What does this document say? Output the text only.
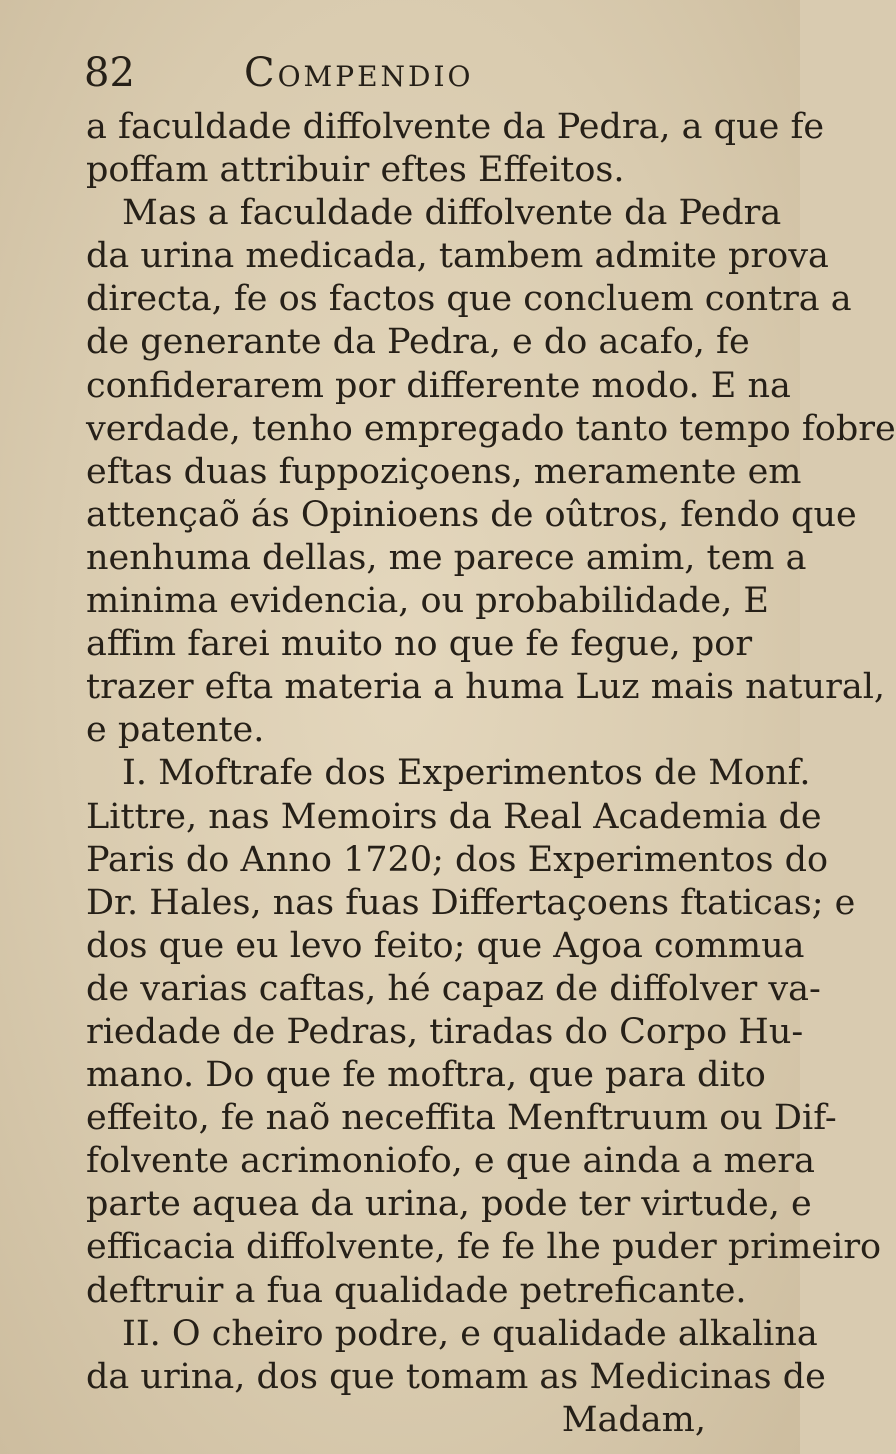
82	Compendio
a faculdade diffolvente da Pedra, a que fe
poffam attribuir eftes Effeitos.
Mas a faculdade diffolvente da Pedra
da urina medicada, tambem admite prova
directa, fe os factos que concluem contra a
de generante da Pedra, e do acafo, fe
confiderarem por differente modo. E na
verdade, tenho empregado tanto tempo fobre
eftas duas fuppoziçoens, meramente em
attençaõ ás Opinioens de oûtros, fendo que
nenhuma dellas, me parece amim, tem a
minima evidencia, ou probabilidade, E
affim farei muito no que fe fegue, por
trazer efta materia a huma Luz mais natural,
e patente.
I. Moftrafe dos Experimentos de Monf.
Littre, nas Memoirs da Real Academia de
Paris do Anno 1720; dos Experimentos do
Dr. Hales, nas fuas Differtaçoens ftaticas; e
dos que eu levo feito; que Agoa commua
de varias caftas, hé capaz de diffolver va-
riedade de Pedras, tiradas do Corpo Hu-
mano. Do que fe moftra, que para dito
effeito, fe naõ neceffita Menftruum ou Dif-
folvente acrimoniofo, e que ainda a mera
parte aquea da urina, pode ter virtude, e
efficacia diffolvente, fe fe lhe puder primeiro
deftruir a fua qualidade petreficante.
II. O cheiro podre, e qualidade alkalina
da urina, dos que tomam as Medicinas de
Madam,
